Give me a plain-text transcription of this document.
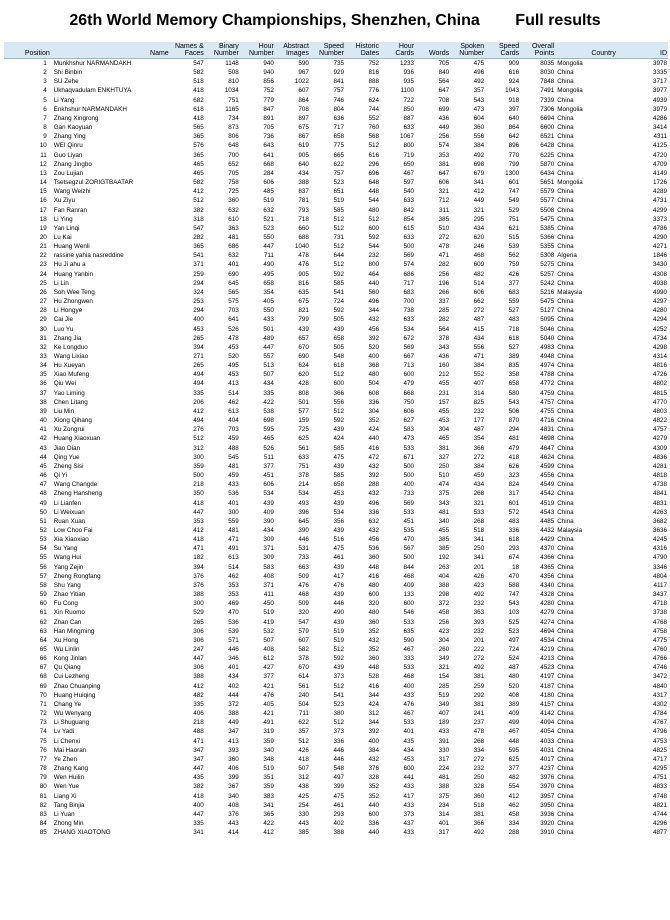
26th World Memory Championships, Shenzhen, China        Full results
		Names &	Binary	Hour	Abstract	Speed	Historic	Hour		Spoken	Speed	Overall		
Position	Name	Faces	Number	Number	Images	Number	Dates	Cards	Words	Number	Cards	Points	Country	ID
1	Munkhshur NARMANDAKH	547	1148	940	590	735	752	1233	705	475	909	8035	Mongolia	3978
2	Shi Binbin	582	508	940	967	929	816	936	840	496	616	8030	China	3335
3	SU Zehe	518	810	856	1022	841	888	935	564	492	924	7848	China	3717
4	Ukhaqvadulam ENKHTUYA	418	1034	752	607	757	776	1100	647	357	1043	7491	Mongolia	3977
5	Li Yang	682	751	779	864	746	624	722	708	543	918	7339	China	4939
6	Enkhshur NARMANDAKH	618	1165	847	708	804	744	850	699	473	397	7306	Mongolia	3979
7	Zhang Xingrong	418	734	891	897	636	552	887	436	604	640	6694	China	4286
8	Gan Kaoyuan	565	873	705	675	717	760	633	449	360	864	6600	China	3414
9	Zhang Ying	365	806	736	867	658	568	1067	256	556	642	6521	China	4311
10	WEI Qinru	576	648	643	619	775	512	800	574	384	896	6428	China	4125
11	Guo Liyan	365	700	641	905	665	616	719	353	492	770	6225	China	4720
12	Zhang Jingbo	465	652	668	640	622	296	650	381	698	799	5870	China	4709
13	Zou Lujian	465	705	284	434	757	696	467	647	679	1300	6434	China	4149
14	Tsetsegzul ZORIGTBAATAR	582	758	606	388	523	648	597	606	341	601	5651	Mongolia	1726
15	Wang Weizhi	412	725	485	837	651	448	540	321	412	747	5579	China	4289
16	Xu Ziyu	512	360	519	781	519	544	633	712	449	549	5577	China	4731
17	Fan Ranran	382	632	632	793	585	480	842	311	321	529	5508	China	4299
18	Li Ying	318	610	521	718	512	512	854	385	295	751	5475	China	3373
19	Yan Linqi	547	363	523	660	512	600	615	510	434	621	5385	China	4786
20	Lu Kai	282	481	550	688	731	592	633	272	620	515	5366	China	4290
21	Huang Wenli	365	686	447	1040	512	544	500	478	246	539	5355	China	4271
22	rassine yahia nasreddine	541	632	711	478	644	232	569	471	468	562	5308	Algeria	1846
23	Hu Ji ahu a	371	401	490	476	512	800	574	282	609	759	5275	China	3430
24	Huang Yanbin	259	690	495	905	592	464	686	256	482	426	5257	China	4308
25	Li Lin	294	645	658	816	585	440	717	196	514	377	5242	China	4938
26	Soh Wee Teng	324	565	354	635	541	560	683	266	606	683	5216	Malaysia	4990
27	Hu Zhongwen	253	575	405	675	724	496	700	337	662	559	5475	China	4297
28	Li Hongye	294	703	550	821	592	344	738	285	272	527	5127	China	4280
29	Cai Jie	400	641	433	799	505	432	633	282	487	483	5095	China	4294
30	Luo Yu	453	526	501	439	439	456	534	564	415	718	5046	China	4252
31	Zhang Jia	265	478	489	657	658	392	672	378	434	618	5040	China	4734
32	Ke Longduo	394	453	447	670	505	520	569	343	556	527	4983	China	4298
33	Wang Lixiao	271	520	557	690	548	400	667	436	471	389	4948	China	4314
34	Hu Xueyan	265	495	513	624	618	368	713	160	384	835	4974	China	4816
35	Xiao Mufeng	494	453	507	620	512	480	600	212	552	358	4788	China	4726
36	Qiu Wei	494	413	434	428	600	504	479	455	407	658	4772	China	4802
37	Yao Liming	335	514	335	808	366	608	668	231	314	580	4759	China	4815
38	Chen Litang	206	462	422	501	556	336	750	157	825	543	4757	China	4770
39	Liu Min	412	613	538	577	512	304	606	455	232	506	4755	China	4803
40	Xiong Qihang	494	404	698	159	592	352	627	453	177	870	4716	China	4822
41	Xu Zongrui	276	703	595	725	439	424	583	304	487	294	4831	China	4757
42	Huang Xiaoxuan	512	459	465	625	424	440	473	465	354	481	4698	China	4279
43	Jiao Dian	312	488	526	561	585	416	533	381	366	479	4647	China	4309
44	Qing Yue	300	545	511	633	475	472	671	327	272	418	4624	China	4836
45	Zheng Sisi	359	481	377	751	439	432	500	250	384	626	4599	China	4281
46	Qi Yi	500	459	451	378	585	392	500	510	459	323	4556	China	4818
47	Wang Changde	218	433	606	214	658	288	400	474	434	824	4549	China	4738
48	Zheng Hansheng	350	536	534	534	453	432	733	375	268	317	4542	China	4841
49	Li Lianfen	418	401	439	493	439	496	569	343	321	601	4519	China	4831
50	Li Weixuan	447	300	409	396	534	336	533	481	533	572	4543	China	4263
51	Ruan Xuan	353	559	390	645	356	632	451	340	268	483	4485	China	3682
52	Low Choo Fai	412	481	434	390	439	432	535	455	518	336	4432	Malaysia	3636
53	Xia Xiaoxiao	418	471	309	446	516	456	470	385	341	618	4429	China	4245
54	Su Yang	471	491	371	531	475	536	567	385	250	293	4370	China	4316
55	Wang Hui	182	613	309	733	461	360	500	192	341	674	4366	China	4790
56	Yang Zejin	394	514	583	663	439	448	844	263	201	18	4365	China	3346
57	Zheng Rongfang	376	462	408	509	417	416	468	404	426	470	4356	China	4804
58	Shu Yang	376	353	371	476	476	480	409	388	423	588	4340	China	4117
59	Zhao Yitian	388	353	411	468	439	600	133	298	492	747	4328	China	3437
60	Fu Cong	300	469	450	509	446	320	600	372	232	543	4280	China	4718
61	Xin Ruomo	529	470	519	320	490	480	546	458	363	103	4279	China	3738
62	Zhan Can	265	536	419	547	439	360	533	256	393	525	4274	China	4768
63	Han Mingming	306	539	532	579	519	352	635	423	232	523	4694	China	4758
64	Xu Hong	306	571	507	607	519	432	590	304	201	497	4534	China	4775
65	Wu Linlin	247	446	408	582	512	352	467	260	222	724	4219	China	4760
66	Kong Jinlan	447	346	612	378	592	360	333	349	272	524	4213	China	4766
67	Qu Qiang	306	401	427	670	439	448	533	321	492	487	4523	China	4746
68	Cui Lezheng	388	434	377	614	373	528	468	154	381	480	4197	China	3472
69	Zhao Chuanping	412	402	421	561	512	416	400	285	259	520	4187	China	4840
70	Huang Huiqing	482	444	476	240	541	344	433	519	292	408	4180	China	4317
71	Chang Ye	335	372	405	504	523	424	476	349	381	389	4157	China	4302
72	Wu Wenyang	406	388	421	711	380	312	467	407	241	409	4142	China	4784
73	Li Shuguang	218	449	491	622	512	344	533	189	237	499	4094	China	4767
74	Lv Yadi	488	347	319	357	373	392	401	433	478	467	4054	China	4796
75	Li Chenxi	471	413	359	512	336	400	435	391	268	448	4033	China	4753
76	Mai Haoran	347	393	340	426	446	384	434	330	334	595	4031	China	4825
77	Ye Zhen	347	360	348	418	446	432	453	317	272	625	4017	China	4717
78	Zhang Kang	447	406	519	507	548	376	600	224	232	377	4237	China	4295
79	Wen Huilin	435	399	351	312	497	328	441	481	250	482	3976	China	4751
80	Wen Yue	382	367	359	438	399	352	433	388	328	554	3970	China	4833
81	Liang Xi	418	340	383	425	475	352	417	375	360	412	3957	China	4748
82	Tang Binjia	400	408	341	254	461	440	433	234	518	462	3950	China	4821
83	Li Yuan	447	376	365	330	293	600	373	314	381	458	3936	China	4744
84	Zhong Min	335	443	422	443	402	336	437	401	366	334	3920	China	4296
85	ZHANG XIAOTONG	341	414	412	385	388	440	433	317	492	288	3910	China	4877
